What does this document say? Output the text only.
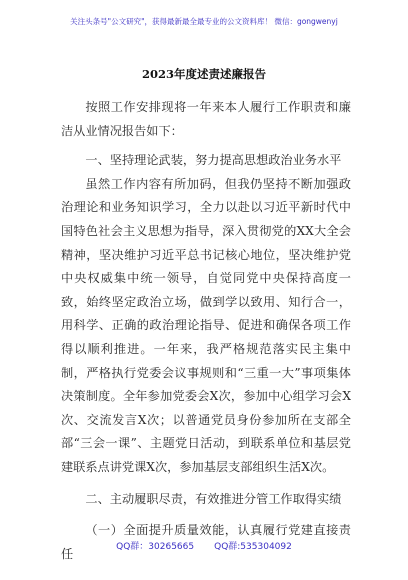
关注头条号"公文研究"，获得最新最全最专业的公文资料库！ 微信：gongwenyj
2023年度述责述廉报告

按照工作安排现将一年来本人履行工作职责和廉洁从业情况报告如下：

一、坚持理论武装，努力提高思想政治业务水平

虽然工作内容有所加码，但我仍坚持不断加强政治理论和业务知识学习，全力以赴以习近平新时代中国特色社会主义思想为指导，深入贯彻党的XX大全会精神，坚决维护习近平总书记核心地位，坚决维护党中央权威集中统一领导，自觉同党中央保持高度一致，始终坚定政治立场，做到学以致用、知行合一，用科学、正确的政治理论指导、促进和确保各项工作得以顺利推进。一年来，我严格规范落实民主集中制，严格执行党委会议事规则和“三重一大”事项集体决策制度。全年参加党委会X次，参加中心组学习会X次、交流发言X次；以普通党员身份参加所在支部全部“三会一课”、主题党日活动，到联系单位和基层党建联系点讲党课X次，参加基层支部组织生活X次。

二、主动履职尽责，有效推进分管工作取得实绩

（一）全面提升质量效能，认真履行党建直接责任	QQ群：30265665 QQ群:535304092
